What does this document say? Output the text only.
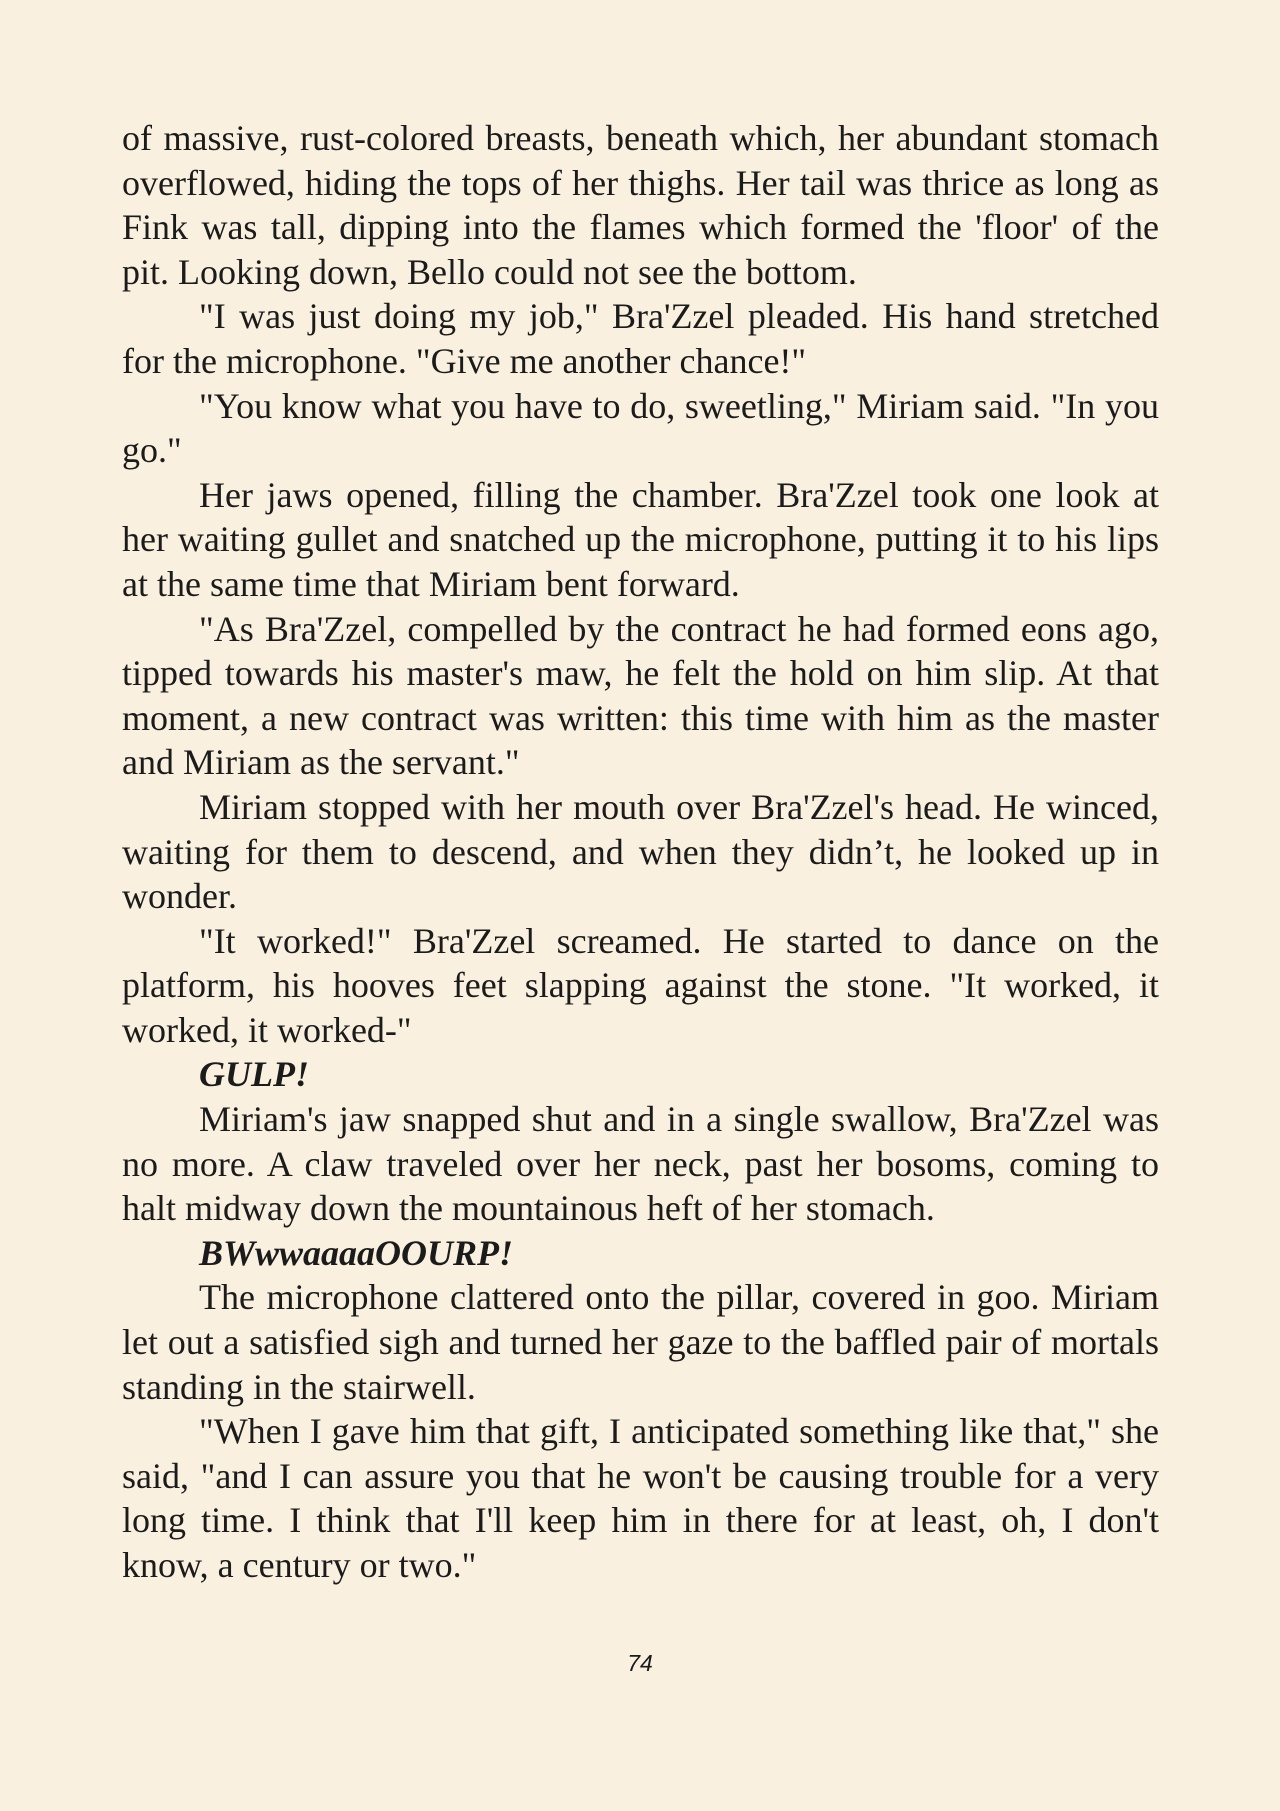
of massive, rust-colored breasts, beneath which, her abundant stomach overflowed, hiding the tops of her thighs. Her tail was thrice as long as Fink was tall, dipping into the flames which formed the 'floor' of the pit. Looking down, Bello could not see the bottom.

"I was just doing my job," Bra'Zzel pleaded. His hand stretched for the microphone. "Give me another chance!"

"You know what you have to do, sweetling," Miriam said. "In you go."

Her jaws opened, filling the chamber. Bra'Zzel took one look at her waiting gullet and snatched up the microphone, putting it to his lips at the same time that Miriam bent forward.

"As Bra'Zzel, compelled by the contract he had formed eons ago, tipped towards his master's maw, he felt the hold on him slip. At that moment, a new contract was written: this time with him as the master and Miriam as the servant."

Miriam stopped with her mouth over Bra'Zzel's head. He winced, waiting for them to descend, and when they didn’t, he looked up in wonder.

"It worked!" Bra'Zzel screamed. He started to dance on the platform, his hooves feet slapping against the stone. "It worked, it worked, it worked-"

GULP!

Miriam's jaw snapped shut and in a single swallow, Bra'Zzel was no more. A claw traveled over her neck, past her bosoms, coming to halt midway down the mountainous heft of her stomach.

BWwwaaaaOOURP!

The microphone clattered onto the pillar, covered in goo. Miriam let out a satisfied sigh and turned her gaze to the baffled pair of mortals standing in the stairwell.

"When I gave him that gift, I anticipated something like that," she said, "and I can assure you that he won't be causing trouble for a very long time. I think that I'll keep him in there for at least, oh, I don't know, a century or two."

74
